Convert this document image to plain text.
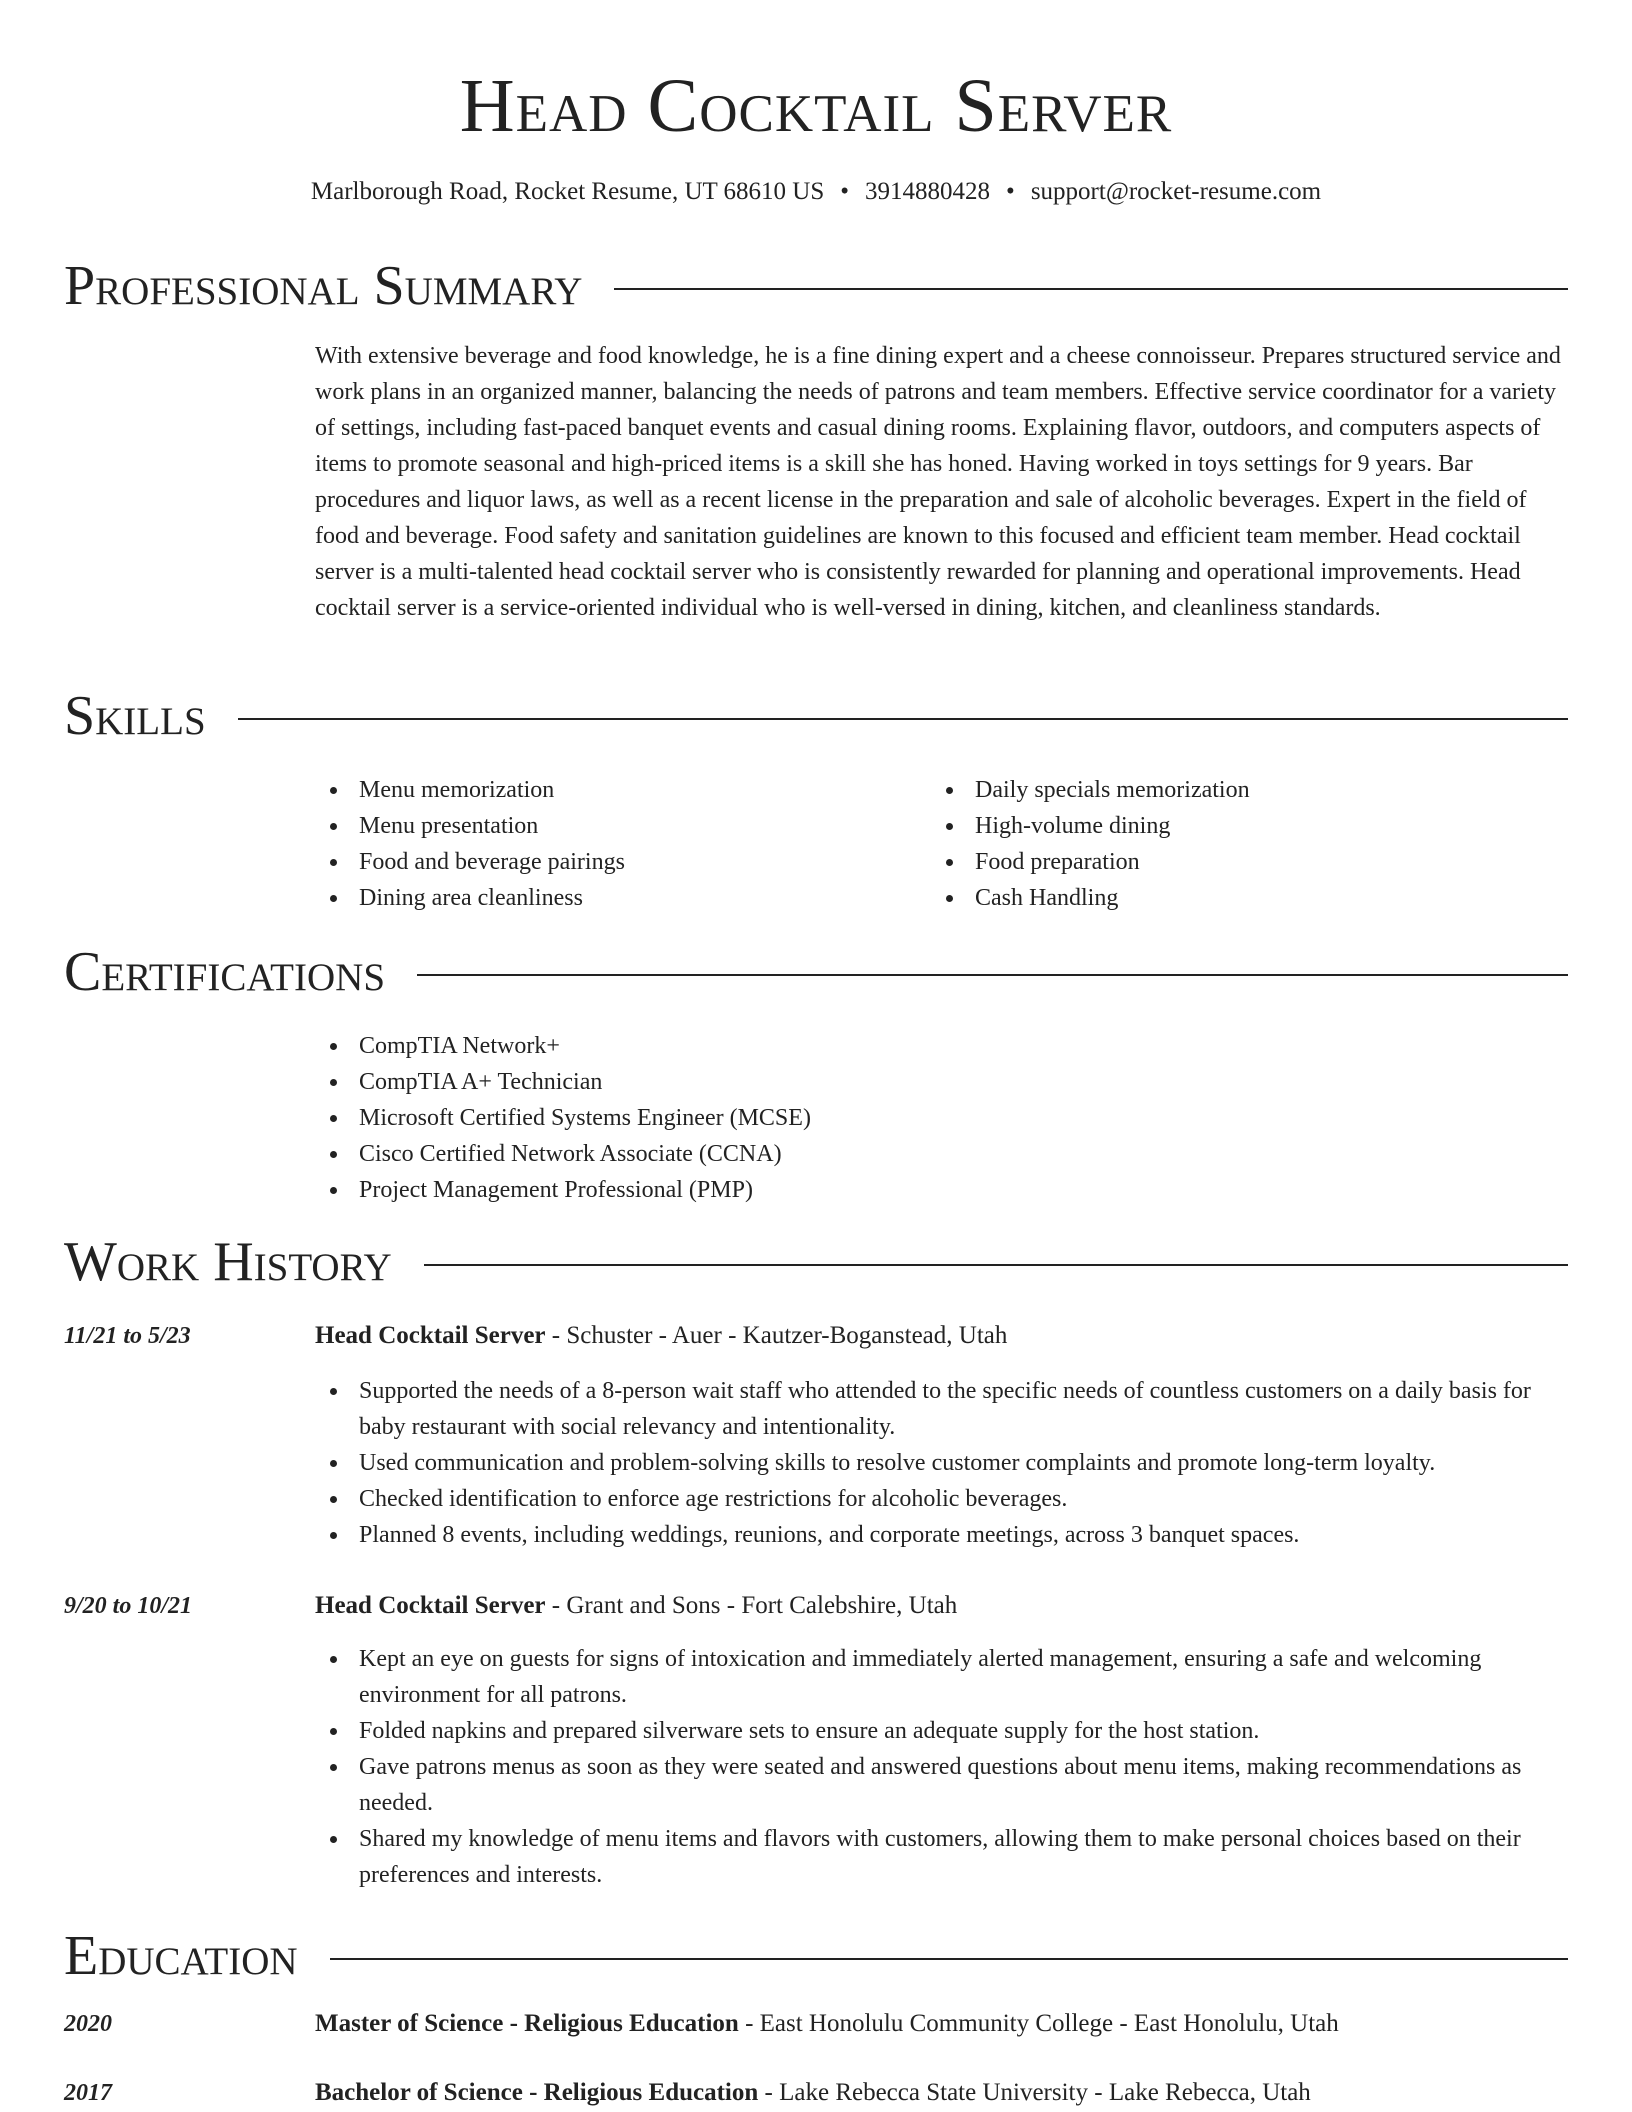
Head Cocktail Server
Marlborough Road, Rocket Resume, UT 68610 US • 3914880428 • support@rocket-resume.com
Professional Summary

With extensive beverage and food knowledge, he is a fine dining expert and a cheese connoisseur. Prepares structured service and work plans in an organized manner, balancing the needs of patrons and team members. Effective service coordinator for a variety of settings, including fast-paced banquet events and casual dining rooms. Explaining flavor, outdoors, and computers aspects of items to promote seasonal and high-priced items is a skill she has honed. Having worked in toys settings for 9 years. Bar procedures and liquor laws, as well as a recent license in the preparation and sale of alcoholic beverages. Expert in the field of food and beverage. Food safety and sanitation guidelines are known to this focused and efficient team member. Head cocktail server is a multi-talented head cocktail server who is consistently rewarded for planning and operational improvements. Head cocktail server is a service-oriented individual who is well-versed in dining, kitchen, and cleanliness standards.

Skills
Menu memorization
Menu presentation
Food and beverage pairings
Dining area cleanliness
Daily specials memorization
High-volume dining
Food preparation
Cash Handling
Certifications
CompTIA Network+
CompTIA A+ Technician
Microsoft Certified Systems Engineer (MCSE)
Cisco Certified Network Associate (CCNA)
Project Management Professional (PMP)
Work History
11/21 to 5/23	Head Cocktail Server - Schuster - Auer - Kautzer-Boganstead, Utah
Supported the needs of a 8-person wait staff who attended to the specific needs of countless customers on a daily basis for baby restaurant with social relevancy and intentionality.
Used communication and problem-solving skills to resolve customer complaints and promote long-term loyalty.
Checked identification to enforce age restrictions for alcoholic beverages.
Planned 8 events, including weddings, reunions, and corporate meetings, across 3 banquet spaces.
9/20 to 10/21	Head Cocktail Server - Grant and Sons - Fort Calebshire, Utah
Kept an eye on guests for signs of intoxication and immediately alerted management, ensuring a safe and welcoming environment for all patrons.
Folded napkins and prepared silverware sets to ensure an adequate supply for the host station.
Gave patrons menus as soon as they were seated and answered questions about menu items, making recommendations as needed.
Shared my knowledge of menu items and flavors with customers, allowing them to make personal choices based on their preferences and interests.
Education
2020	Master of Science - Religious Education - East Honolulu Community College - East Honolulu, Utah
2017	Bachelor of Science - Religious Education - Lake Rebecca State University - Lake Rebecca, Utah
